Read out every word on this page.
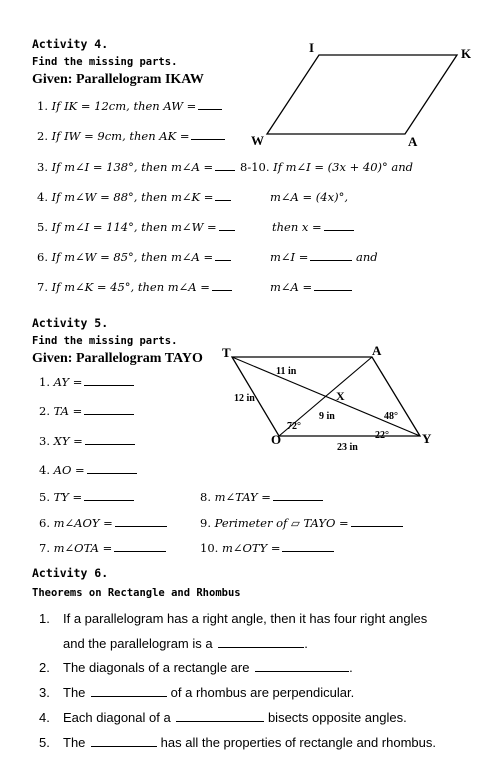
Activity 4.
Find the missing parts.
Given: Parallelogram IKAW
I	K
W	A
1. If IK = 12cm, then AW =
2. If IW = 9cm, then AK =
3. If m∠I = 138°, then m∠A =
4. If m∠W = 88°, then m∠K =
5. If m∠I = 114°, then m∠W =
6. If m∠W = 85°, then m∠A =
7. If m∠K = 45°, then m∠A =
8-10. If m∠I = (3x + 40)° and
m∠A = (4x)°,
then x =
m∠I =	and
m∠A =
Activity 5.
Find the missing parts.
Given: Parallelogram TAYO T	A
O	Y
X
11 in
12 in
9 in
23 in
72°
48°
22°
1. AY =
2. TA =
3. XY =
4. AO =
5. TY =
6. m∠AOY =
7. m∠OTA =
8. m∠TAY =
9. Perimeter of ▱ TAYO =
10. m∠OTY =
Activity 6.
Theorems on Rectangle and Rhombus
1. If a parallelogram has a right angle, then it has four right angles
and the parallelogram is a	.
2. The diagonals of a rectangle are	.
3. The	of a rhombus are perpendicular.
4. Each diagonal of a	bisects opposite angles.
5. The	has all the properties of rectangle and rhombus.
